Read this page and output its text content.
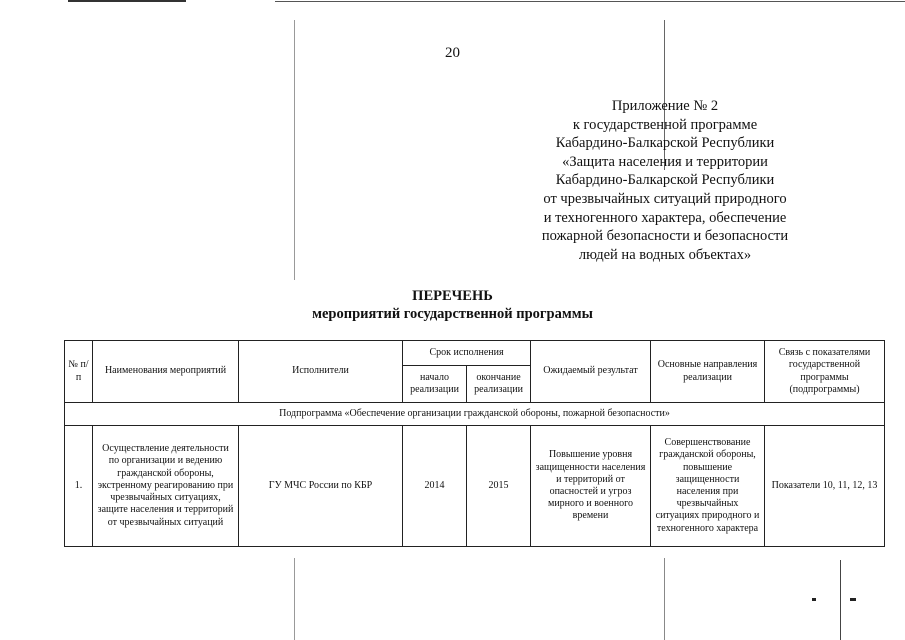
20
Приложение № 2
к государственной программе
Кабардино-Балкарской Республики
«Защита населения и территории
Кабардино-Балкарской Республики
от чрезвычайных ситуаций природного
и техногенного характера, обеспечение
пожарной безопасности и безопасности
людей на водных объектах»
ПЕРЕЧЕНЬ
мероприятий государственной программы
№ п/п	Наименования мероприятий	Исполнители	Срок исполнения		Ожидаемый результат	Основные направления реализации	Связь с показателями государственной программы (подпрограммы)
			начало реализации	окончание реализации			
Подпрограмма «Обеспечение организации гражданской обороны, пожарной безопасности»							
1.	Осуществление деятельности по организации и ведению гражданской обороны, экстренному реагированию при чрезвычайных ситуациях, защите населения и территорий от чрезвычайных ситуаций	ГУ МЧС России по КБР	2014	2015	Повышение уровня защищенности населения и территорий от опасностей и угроз мирного и военного времени	Совершенствование гражданской обороны, повышение защищенности населения при чрезвычайных ситуациях природного и техногенного характера	Показатели 10, 11, 12, 13
